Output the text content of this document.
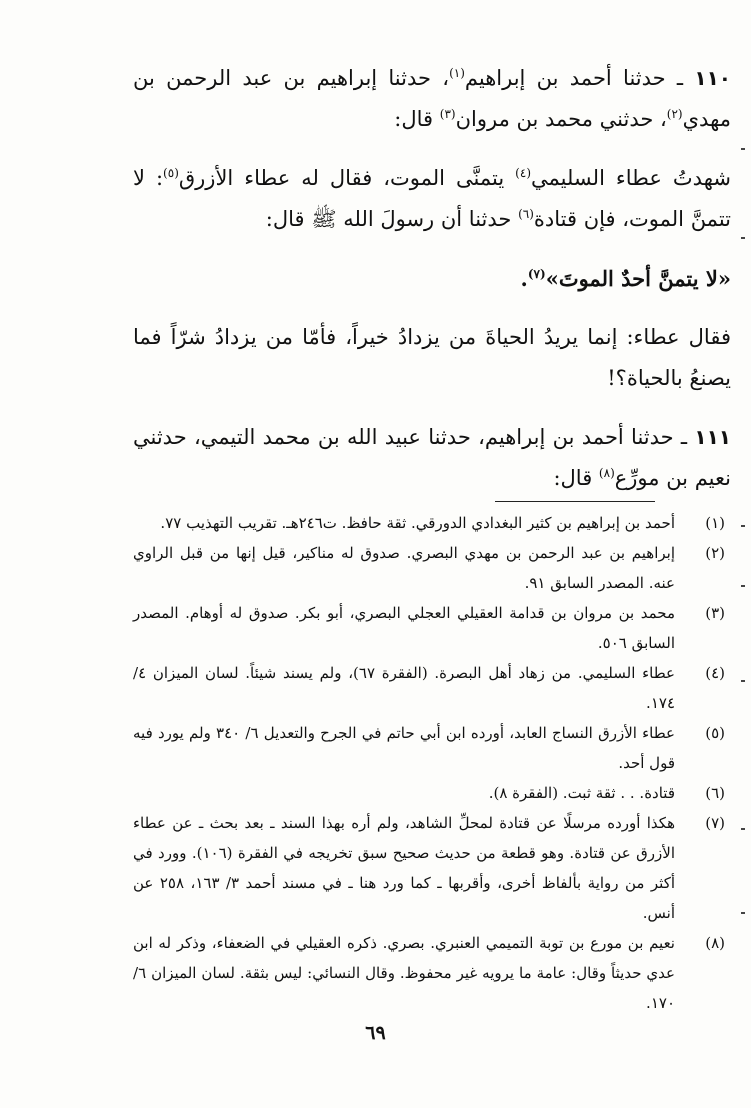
١١٠ ـ حدثنا أحمد بن إبراهيم$^{(١)}$، حدثنا إبراهيم بن عبد الرحمن بن مهدي$^{(٢)}$، حدثني محمد بن مروان$^{(٣)}$ قال:

شهدتُ عطاء السليمي$^{(٤)}$ يتمنَّى الموت، فقال له عطاء الأزرق$^{(٥)}$: لا تتمنَّ الموت، فإن قتادة$^{(٦)}$ حدثنا أن رسولَ الله ﷺ قال:

«لا يتمنَّ أحدٌ الموتَ»$^{(٧)}$.

فقال عطاء: إنما يريدُ الحياةَ من يزدادُ خيراً، فأمّا من يزدادُ شرّاً فما يصنعُ بالحياة؟!

١١١ ـ حدثنا أحمد بن إبراهيم، حدثنا عبيد الله بن محمد التيمي، حدثني نعيم بن مورِّع$^{(٨)}$ قال:

(١)
أحمد بن إبراهيم بن كثير البغدادي الدورقي. ثقة حافظ. ت٢٤٦هـ. تقريب التهذيب ٧٧.
(٢)
إبراهيم بن عبد الرحمن بن مهدي البصري. صدوق له مناكير، قيل إنها من قبل الراوي عنه. المصدر السابق ٩١.
(٣)
محمد بن مروان بن قدامة العقيلي العجلي البصري، أبو بكر. صدوق له أوهام. المصدر السابق ٥٠٦.
(٤)
عطاء السليمي. من زهاد أهل البصرة. (الفقرة ٦٧)، ولم يسند شيئاً. لسان الميزان ٤/ ١٧٤.
(٥)
عطاء الأزرق النساج العابد، أورده ابن أبي حاتم في الجرح والتعديل ٦/ ٣٤٠ ولم يورد فيه قول أحد.
(٦)
قتادة. . . ثقة ثبت. (الفقرة ٨).
(٧)
هكذا أورده مرسلًا عن قتادة لمحلِّ الشاهد، ولم أره بهذا السند ـ بعد بحث ـ عن عطاء الأزرق عن قتادة. وهو قطعة من حديث صحيح سبق تخريجه في الفقرة (١٠٦). وورد في أكثر من رواية بألفاظ أخرى، وأقربها ـ كما ورد هنا ـ في مسند أحمد ٣/ ١٦٣، ٢٥٨ عن أنس.
(٨)
نعيم بن مورع بن توبة التميمي العنبري. بصري. ذكره العقيلي في الضعفاء، وذكر له ابن عدي حديثاً وقال: عامة ما يرويه غير محفوظ. وقال النسائي: ليس بثقة. لسان الميزان ٦/ ١٧٠.
٦٩
